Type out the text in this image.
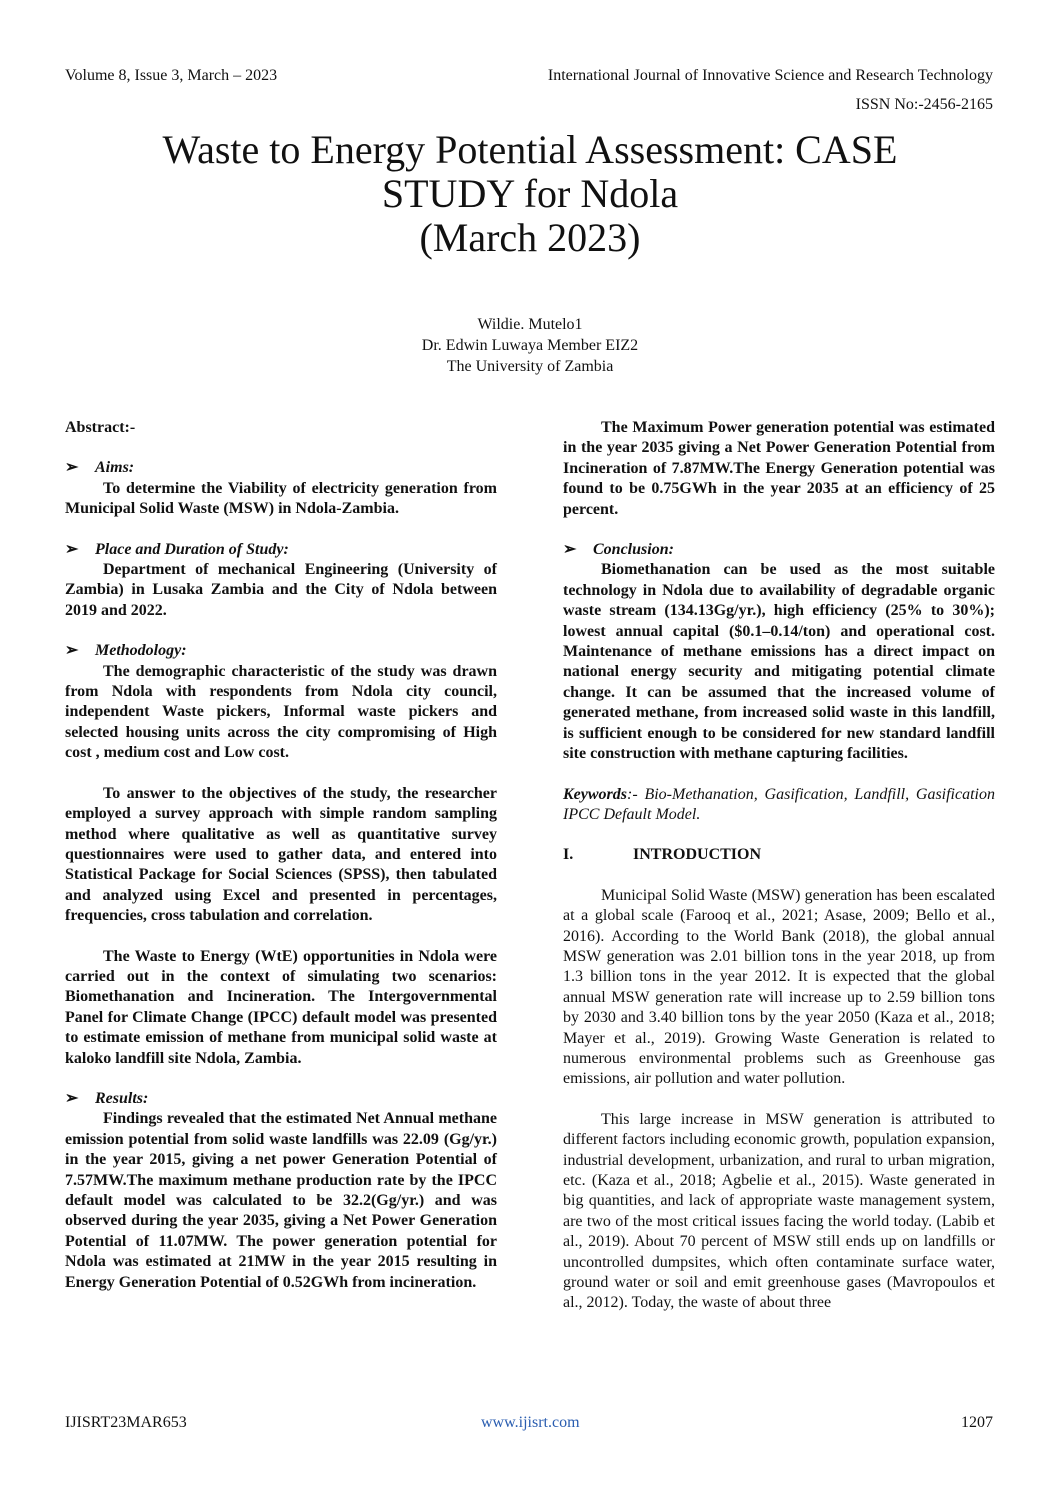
Volume 8, Issue 3, March – 2023	International Journal of Innovative Science and Research Technology
ISSN No:-2456-2165
Waste to Energy Potential Assessment: CASE
STUDY for Ndola
(March 2023)
Wildie. Mutelo1
Dr. Edwin Luwaya Member EIZ2
The University of Zambia

Abstract:-

➢ Aims:

To determine the Viability of electricity generation from Municipal Solid Waste (MSW) in Ndola-Zambia.

➢ Place and Duration of Study:

Department of mechanical Engineering (University of Zambia) in Lusaka Zambia and the City of Ndola between 2019 and 2022.

➢ Methodology:

The demographic characteristic of the study was drawn from Ndola with respondents from Ndola city council, independent Waste pickers, Informal waste pickers and selected housing units across the city compromising of High cost , medium cost and Low cost.

To answer to the objectives of the study, the researcher employed a survey approach with simple random sampling method where qualitative as well as quantitative survey questionnaires were used to gather data, and entered into Statistical Package for Social Sciences (SPSS), then tabulated and analyzed using Excel and presented in percentages, frequencies, cross tabulation and correlation.

The Waste to Energy (WtE) opportunities in Ndola were carried out in the context of simulating two scenarios: Biomethanation and Incineration. The Intergovernmental Panel for Climate Change (IPCC) default model was presented to estimate emission of methane from municipal solid waste at kaloko landfill site Ndola, Zambia.

➢ Results:

Findings revealed that the estimated Net Annual methane emission potential from solid waste landfills was 22.09 (Gg/yr.) in the year 2015, giving a net power Generation Potential of 7.57MW.The maximum methane production rate by the IPCC default model was calculated to be 32.2(Gg/yr.) and was observed during the year 2035, giving a Net Power Generation Potential of 11.07MW. The power generation potential for Ndola was estimated at 21MW in the year 2015 resulting in Energy Generation Potential of 0.52GWh from incineration.

The Maximum Power generation potential was estimated in the year 2035 giving a Net Power Generation Potential from Incineration of 7.87MW.The Energy Generation potential was found to be 0.75GWh in the year 2035 at an efficiency of 25 percent.

➢ Conclusion:

Biomethanation can be used as the most suitable technology in Ndola due to availability of degradable organic waste stream (134.13Gg/yr.), high efficiency (25% to 30%); lowest annual capital ($0.1–0.14/ton) and operational cost. Maintenance of methane emissions has a direct impact on national energy security and mitigating potential climate change. It can be assumed that the increased volume of generated methane, from increased solid waste in this landfill, is sufficient enough to be considered for new standard landfill site construction with methane capturing facilities.

Keywords:- Bio-Methanation, Gasification, Landfill, Gasification IPCC Default Model.

I.	INTRODUCTION

Municipal Solid Waste (MSW) generation has been escalated at a global scale (Farooq et al., 2021; Asase, 2009; Bello et al., 2016). According to the World Bank (2018), the global annual MSW generation was 2.01 billion tons in the year 2018, up from 1.3 billion tons in the year 2012. It is expected that the global annual MSW generation rate will increase up to 2.59 billion tons by 2030 and 3.40 billion tons by the year 2050 (Kaza et al., 2018; Mayer et al., 2019). Growing Waste Generation is related to numerous environmental problems such as Greenhouse gas emissions, air pollution and water pollution.

This large increase in MSW generation is attributed to different factors including economic growth, population expansion, industrial development, urbanization, and rural to urban migration, etc. (Kaza et al., 2018; Agbelie et al., 2015). Waste generated in big quantities, and lack of appropriate waste management system, are two of the most critical issues facing the world today. (Labib et al., 2019). About 70 percent of MSW still ends up on landfills or uncontrolled dumpsites, which often contaminate surface water, ground water or soil and emit greenhouse gases (Mavropoulos et al., 2012). Today, the waste of about three

IJISRT23MAR653	www.ijisrt.com	1207
